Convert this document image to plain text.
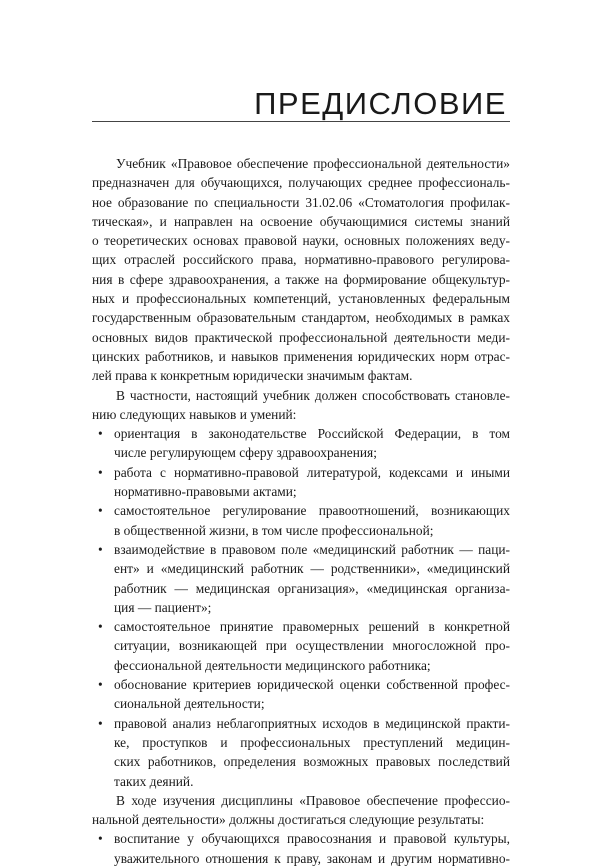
ПРЕДИСЛОВИЕ
Учебник «Правовое обеспечение профессиональной деятельности»
предназначен для обучающихся, получающих среднее профессиональ-
ное образование по специальности 31.02.06 «Стоматология профилак-
тическая», и направлен на освоение обучающимися системы знаний
о теоретических основах правовой науки, основных положениях веду-
щих отраслей российского права, нормативно-правового регулирова-
ния в сфере здравоохранения, а также на формирование общекультур-
ных и профессиональных компетенций, установленных федеральным
государственным образовательным стандартом, необходимых в рамках
основных видов практической профессиональной деятельности меди-
цинских работников, и навыков применения юридических норм отрас-
лей права к конкретным юридически значимым фактам.
В частности, настоящий учебник должен способствовать становле-
нию следующих навыков и умений:
• ориентация в законодательстве Российской Федерации, в том
числе регулирующем сферу здравоохранения;
• работа с нормативно-правовой литературой, кодексами и иными
нормативно-правовыми актами;
• самостоятельное регулирование правоотношений, возникающих
в общественной жизни, в том числе профессиональной;
• взаимодействие в правовом поле «медицинский работник — паци-
ент» и «медицинский работник — родственники», «медицинский
работник — медицинская организация», «медицинская организа-
ция — пациент»;
• самостоятельное принятие правомерных решений в конкретной
ситуации, возникающей при осуществлении многосложной про-
фессиональной деятельности медицинского работника;
• обоснование критериев юридической оценки собственной профес-
сиональной деятельности;
• правовой анализ неблагоприятных исходов в медицинской практи-
ке, проступков и профессиональных преступлений медицин-
ских работников, определения возможных правовых последствий
таких деяний.
В ходе изучения дисциплины «Правовое обеспечение профессио-
нальной деятельности» должны достигаться следующие результаты:
• воспитание у обучающихся правосознания и правовой культуры,
уважительного отношения к праву, законам и другим нормативно-
